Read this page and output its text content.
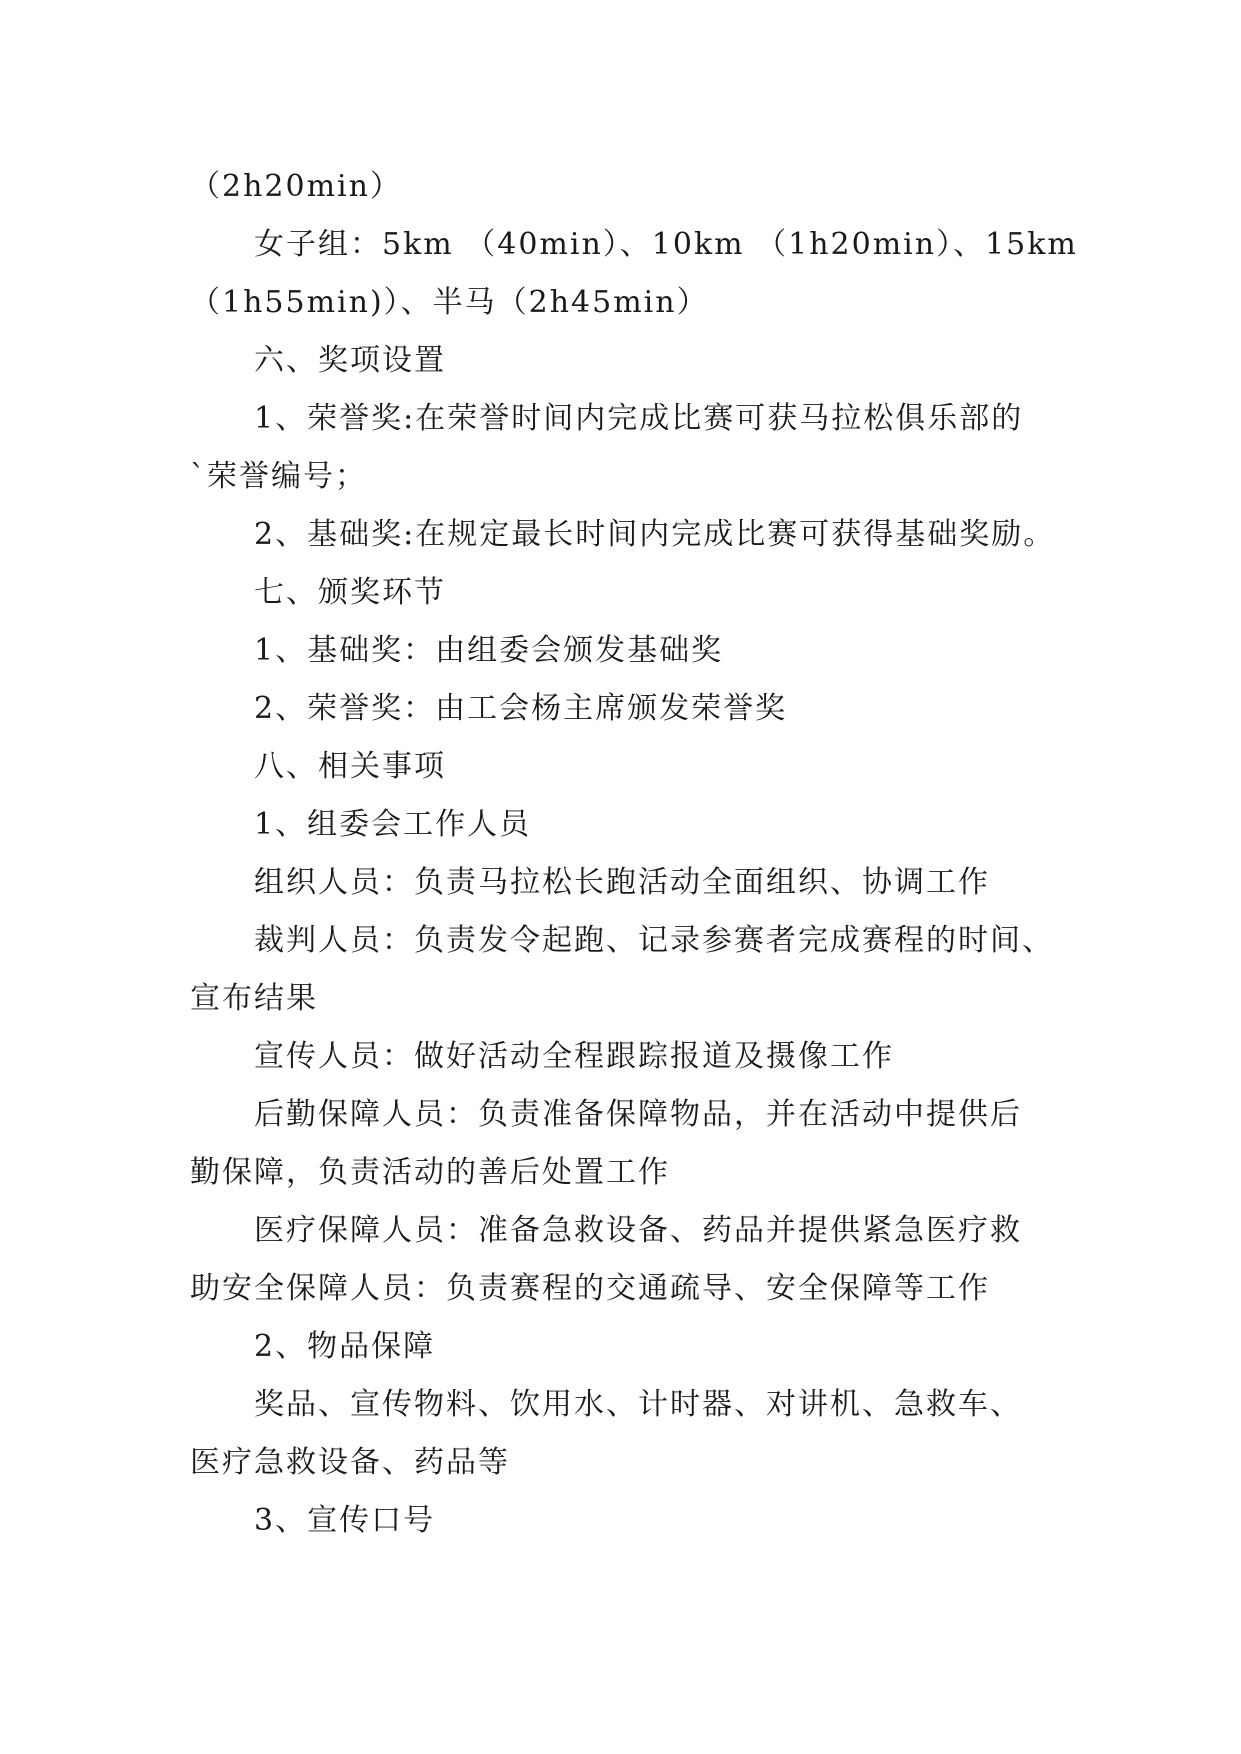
（2h20min）

女子组：5km （40min）、10km （1h20min）、15km

（1h55min)）、半马（2h45min）

六、奖项设置

1、荣誉奖:在荣誉时间内完成比赛可获马拉松俱乐部的

`荣誉编号；

2、基础奖:在规定最长时间内完成比赛可获得基础奖励。

七、颁奖环节

1、基础奖：由组委会颁发基础奖

2、荣誉奖：由工会杨主席颁发荣誉奖

八、相关事项

1、组委会工作人员

组织人员：负责马拉松长跑活动全面组织、协调工作

裁判人员：负责发令起跑、记录参赛者完成赛程的时间、

宣布结果

宣传人员：做好活动全程跟踪报道及摄像工作

后勤保障人员：负责准备保障物品，并在活动中提供后

勤保障，负责活动的善后处置工作

医疗保障人员：准备急救设备、药品并提供紧急医疗救

助安全保障人员：负责赛程的交通疏导、安全保障等工作

2、物品保障

奖品、宣传物料、饮用水、计时器、对讲机、急救车、

医疗急救设备、药品等

3、宣传口号
